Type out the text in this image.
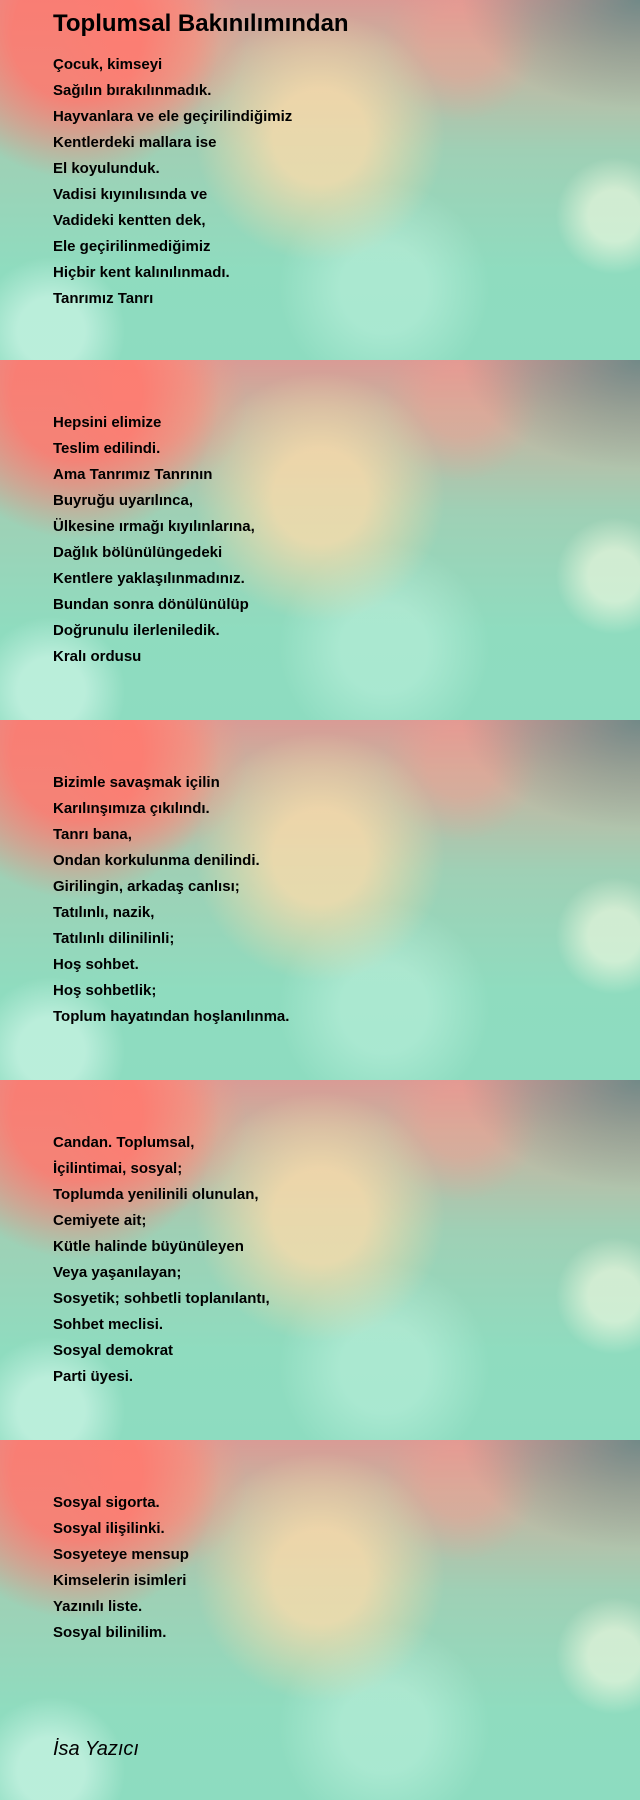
Toplumsal Bakınılımından
Çocuk, kimseyi
Sağılın bırakılınmadık.
Hayvanlara ve ele geçirilindiğimiz
Kentlerdeki mallara ise
El koyulunduk.
Vadisi kıyınılısında ve
Vadideki kentten dek,
Ele geçirilinmediğimiz
Hiçbir kent kalınılınmadı.
Tanrımız Tanrı
Hepsini elimize
Teslim edilindi.
Ama Tanrımız Tanrının
Buyruğu uyarılınca,
Ülkesine ırmağı kıyılınlarına,
Dağlık bölünülüngedeki
Kentlere yaklaşılınmadınız.
Bundan sonra dönülünülüp
Doğrunulu ilerleniledik.
Kralı ordusu
Bizimle savaşmak içilin
Karılınşımıza çıkılındı.
Tanrı bana,
Ondan korkulunma denilindi.
Girilingin, arkadaş canlısı;
Tatılınlı, nazik,
Tatılınlı dilinilinli;
Hoş sohbet.
Hoş sohbetlik;
Toplum hayatından hoşlanılınma.
Candan. Toplumsal,
İçilintimai, sosyal;
Toplumda yenilinili olunulan,
Cemiyete ait;
Kütle halinde büyünüleyen
Veya yaşanılayan;
Sosyetik; sohbetli toplanılantı,
Sohbet meclisi.
Sosyal demokrat
Parti üyesi.
Sosyal sigorta.
Sosyal ilişilinki.
Sosyeteye mensup
Kimselerin isimleri
Yazınılı liste.
Sosyal bilinilim.
İsa Yazıcı
